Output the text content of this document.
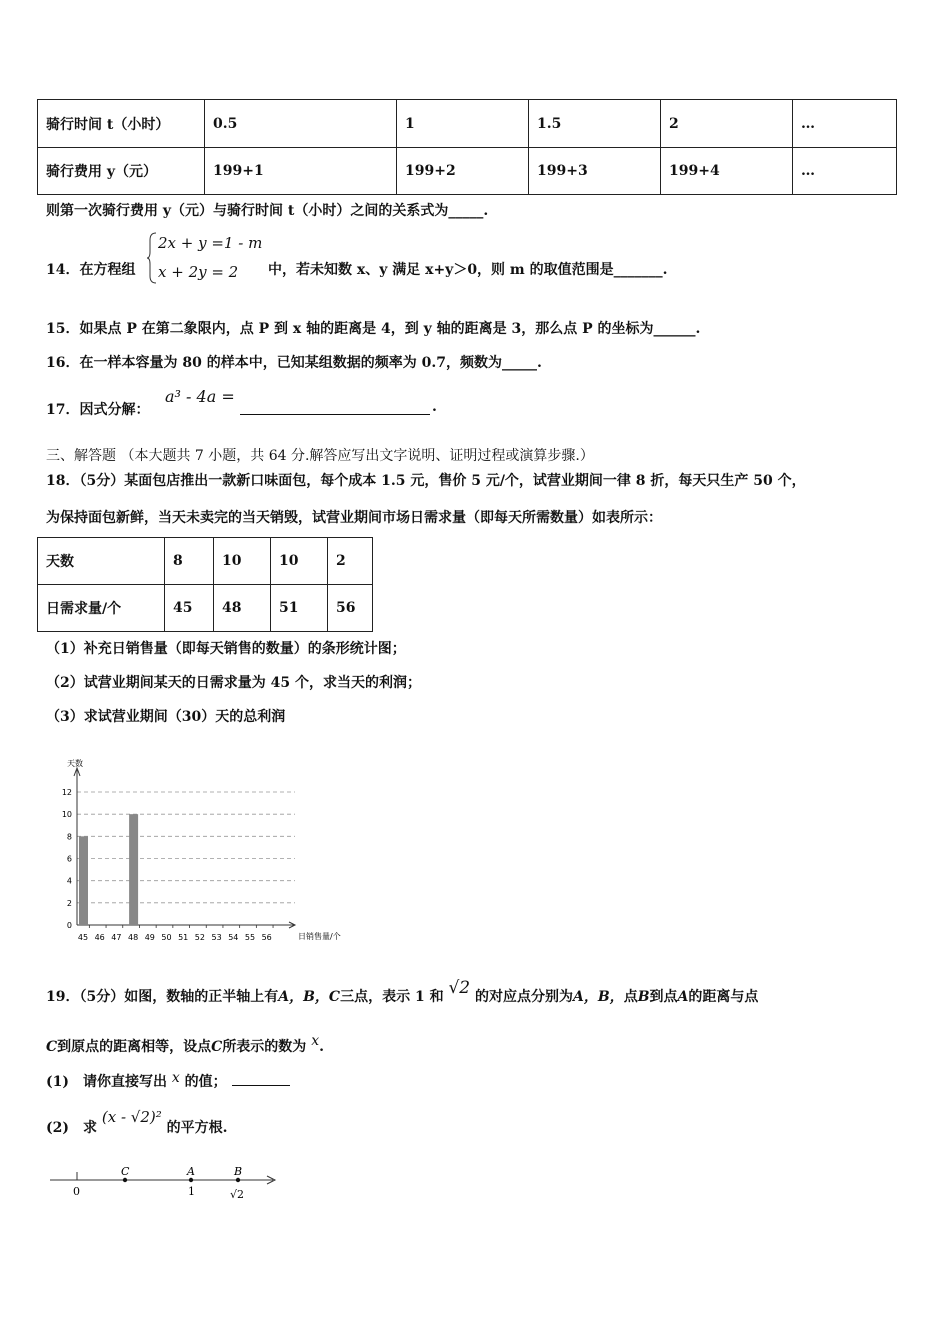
骑行时间 t（小时）	0.5	1	1.5	2	…
骑行费用 y（元）	199+1	199+2	199+3	199+4	…
则第一次骑行费用 y（元）与骑行时间 t（小时）之间的关系式为_____.
14．在方程组
2x + y =1 - m
x + 2y = 2 中，若未知数 x、y 满足 x+y＞0，则 m 的取值范围是_______.
15．如果点 P 在第二象限内，点 P 到 x 轴的距离是 4，到 y 轴的距离是 3，那么点 P 的坐标为______.
16．在一样本容量为 80 的样本中，已知某组数据的频率为 0.7，频数为_____.
17．因式分解：
a³ - 4a =
.
三、解答题 （本大题共 7 小题，共 64 分.解答应写出文字说明、证明过程或演算步骤.）
18．（5分）某面包店推出一款新口味面包，每个成本 1.5 元，售价 5 元/个，试营业期间一律 8 折，每天只生产 50 个，
为保持面包新鲜，当天未卖完的当天销毁，试营业期间市场日需求量（即每天所需数量）如表所示：
天数	8	10	10	2
日需求量/个	45	48	51	56
（1）补充日销售量（即每天销售的数量）的条形统计图；
（2）试营业期间某天的日需求量为 45 个，求当天的利润；
（3）求试营业期间（30）天的总利润
天数
日销售量/个
0
2
4
6
8
10
12
45 46 47 48 49 50 51 52 53 54 55 56
19．（5分）如图，数轴的正半轴上有A，B，C三点，表示 1 和 √2 的对应点分别为A，B，点B到点A的距离与点
C到原点的距离相等，设点C所表示的数为 x.
(1)　请你直接写出 x 的值；
(2)　求 (x - √2)² 的平方根.
0
C	A
1
B
√2
